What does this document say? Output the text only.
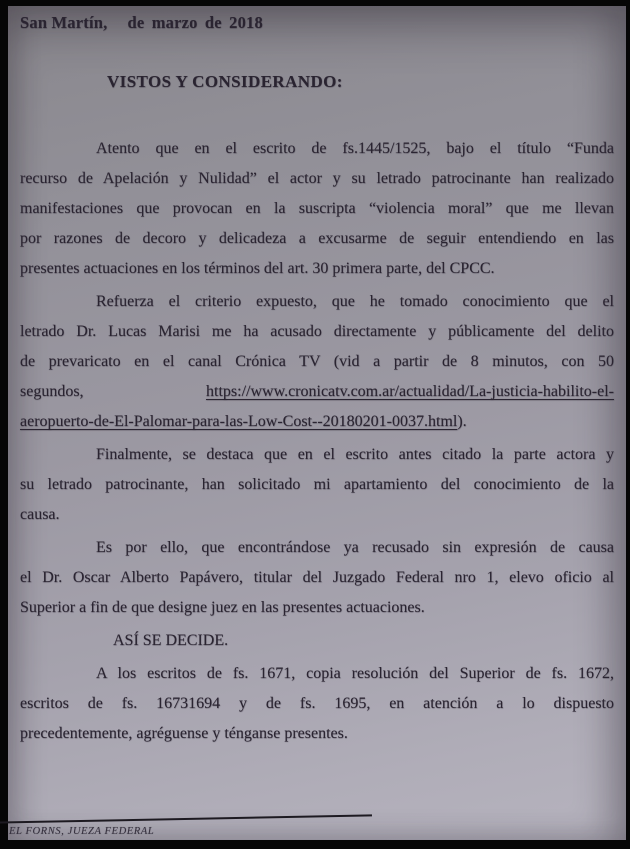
San Martín, de marzo de 2018
VISTOS Y CONSIDERANDO:
Atento que en el escrito de fs.1445/1525, bajo el título “Funda
recurso de Apelación y Nulidad” el actor y su letrado patrocinante han realizado
manifestaciones que provocan en la suscripta “violencia moral” que me llevan
por razones de decoro y delicadeza a excusarme de seguir entendiendo en las
presentes actuaciones en los términos del art. 30 primera parte, del CPCC.
Refuerza el criterio expuesto, que he tomado conocimiento que el
letrado Dr. Lucas Marisi me ha acusado directamente y públicamente del delito
de prevaricato en el canal Crónica TV (vid a partir de 8 minutos, con 50
segundos,	https://www.cronicatv.com.ar/actualidad/La-justicia-habilito-el-
aeropuerto-de-El-Palomar-para-las-Low-Cost--20180201-0037.html).
Finalmente, se destaca que en el escrito antes citado la parte actora y
su letrado patrocinante, han solicitado mi apartamiento del conocimiento de la
causa.
Es por ello, que encontrándose ya recusado sin expresión de causa
el Dr. Oscar Alberto Papávero, titular del Juzgado Federal nro 1, elevo oficio al
Superior a fin de que designe juez en las presentes actuaciones.
ASÍ SE DECIDE.
A los escritos de fs. 1671, copia resolución del Superior de fs. 1672,
escritos de fs. 16731694 y de fs. 1695, en atención a lo dispuesto
precedentemente, agréguense y ténganse presentes.
EL FORNS, JUEZA FEDERAL
